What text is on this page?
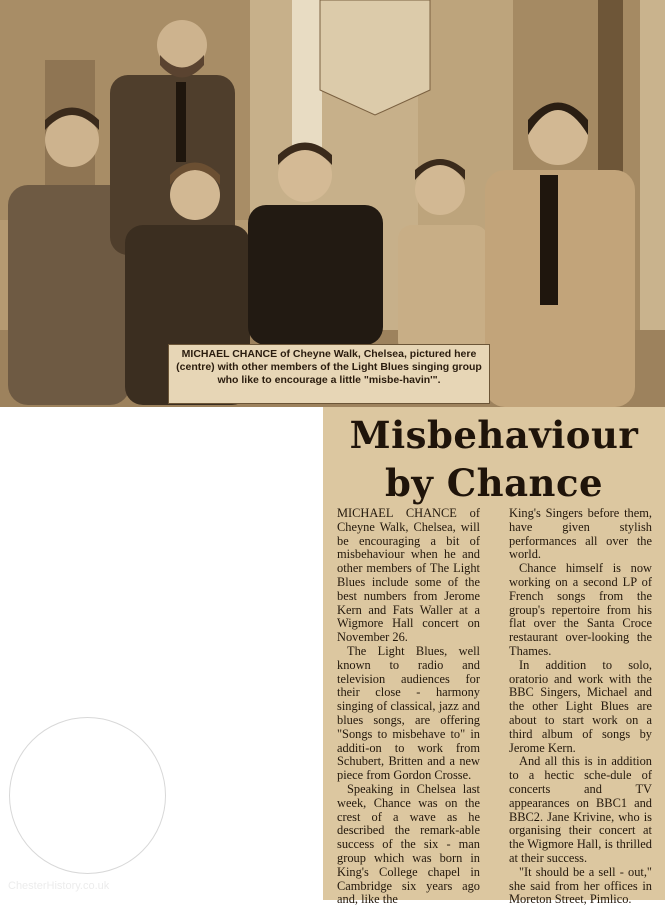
MICHAEL CHANCE of Cheyne Walk, Chelsea, pictured here (centre) with other members of the Light Blues singing group who like to encourage a little "misbe-havin'".
Misbehaviour
by Chance

MICHAEL CHANCE of Cheyne Walk, Chelsea, will be encouraging a bit of misbehaviour when he and other members of The Light Blues include some of the best numbers from Jerome Kern and Fats Waller at a Wigmore Hall concert on November 26.

The Light Blues, well known to radio and television audiences for their close - harmony singing of classical, jazz and blues songs, are offering "Songs to misbehave to" in additi-on to work from Schubert, Britten and a new piece from Gordon Crosse.

Speaking in Chelsea last week, Chance was on the crest of a wave as he described the remark-able success of the six - man group which was born in King's College chapel in Cambridge six years ago and, like the

King's Singers before them, have given stylish performances all over the world.

Chance himself is now working on a second LP of French songs from the group's repertoire from his flat over the Santa Croce restaurant over-looking the Thames.

In addition to solo, oratorio and work with the BBC Singers, Michael and the other Light Blues are about to start work on a third album of songs by Jerome Kern.

And all this is in addition to a hectic sche-dule of concerts and TV appearances on BBC1 and BBC2. Jane Krivine, who is organising their concert at the Wigmore Hall, is thrilled at their success.

"It should be a sell - out," she said from her offices in Moreton Street, Pimlico.

ChesterHistory.co.uk
